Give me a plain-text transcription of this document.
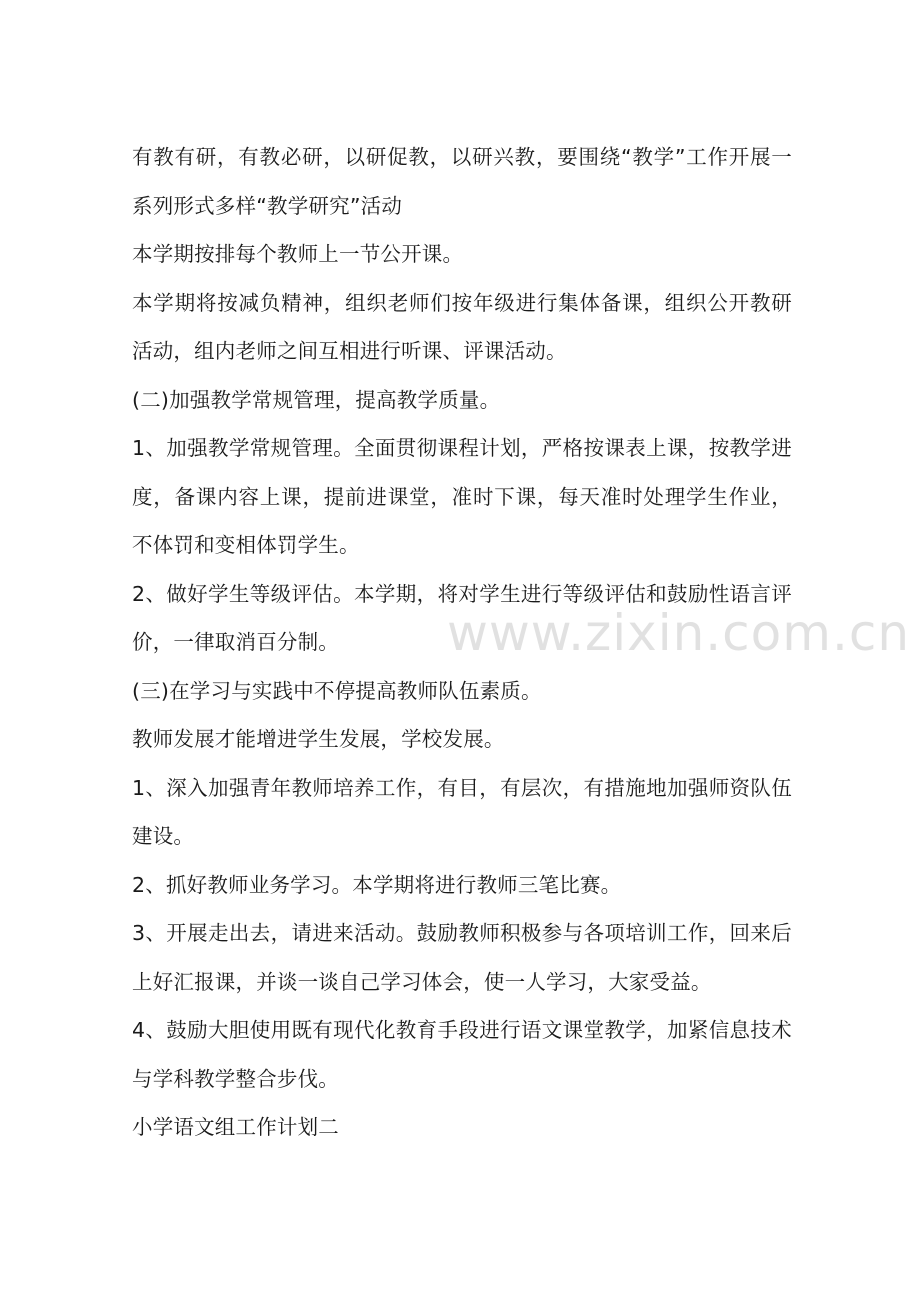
有教有研，有教必研，以研促教，以研兴教，要围绕“教学”工作开展一系列形式多样“教学研究”活动

本学期按排每个教师上一节公开课。

本学期将按减负精神，组织老师们按年级进行集体备课，组织公开教研活动，组内老师之间互相进行听课、评课活动。

(二)加强教学常规管理，提高教学质量。

1、加强教学常规管理。全面贯彻课程计划，严格按课表上课，按教学进度，备课内容上课，提前进课堂，准时下课，每天准时处理学生作业，不体罚和变相体罚学生。

2、做好学生等级评估。本学期，将对学生进行等级评估和鼓励性语言评价，一律取消百分制。

(三)在学习与实践中不停提高教师队伍素质。

教师发展才能增进学生发展，学校发展。

1、深入加强青年教师培养工作，有目，有层次，有措施地加强师资队伍建设。

2、抓好教师业务学习。本学期将进行教师三笔比赛。

3、开展走出去，请进来活动。鼓励教师积极参与各项培训工作，回来后上好汇报课，并谈一谈自己学习体会，使一人学习，大家受益。

4、鼓励大胆使用既有现代化教育手段进行语文课堂教学，加紧信息技术与学科教学整合步伐。

小学语文组工作计划二

www.zixin.com.cn
